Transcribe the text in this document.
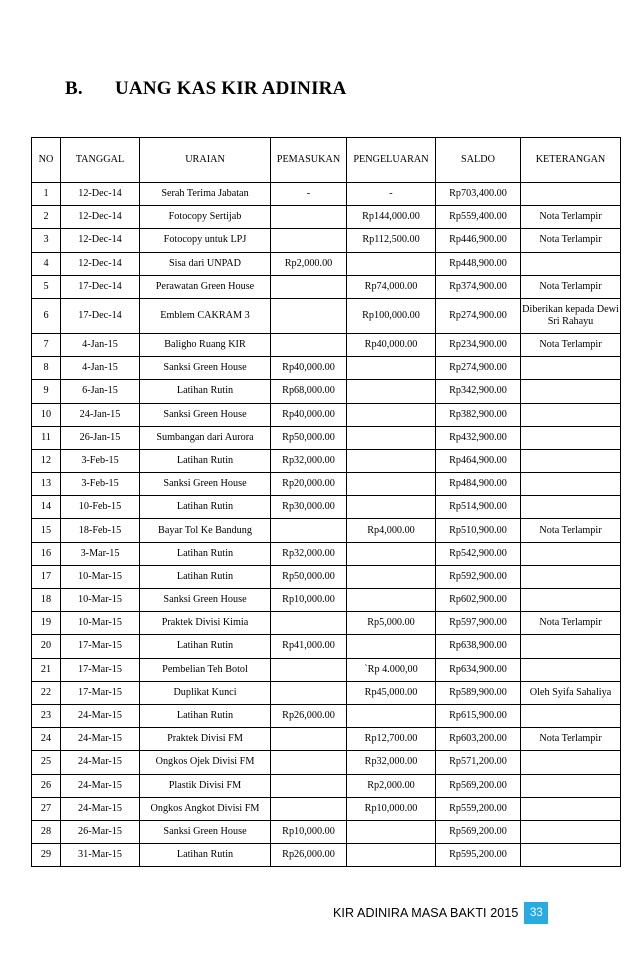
B.	UANG KAS KIR ADINIRA
NO	TANGGAL	URAIAN	PEMASUKAN	PENGELUARAN	SALDO	KETERANGAN
1	12-Dec-14	Serah Terima Jabatan	-	-	Rp703,400.00	
2	12-Dec-14	Fotocopy Sertijab		Rp144,000.00	Rp559,400.00	Nota Terlampir
3	12-Dec-14	Fotocopy untuk LPJ		Rp112,500.00	Rp446,900.00	Nota Terlampir
4	12-Dec-14	Sisa dari UNPAD	Rp2,000.00		Rp448,900.00	
5	17-Dec-14	Perawatan Green House		Rp74,000.00	Rp374,900.00	Nota Terlampir
6	17-Dec-14	Emblem CAKRAM 3		Rp100,000.00	Rp274,900.00	Diberikan kepada Dewi Sri Rahayu
7	4-Jan-15	Baligho Ruang KIR		Rp40,000.00	Rp234,900.00	Nota Terlampir
8	4-Jan-15	Sanksi Green House	Rp40,000.00		Rp274,900.00	
9	6-Jan-15	Latihan Rutin	Rp68,000.00		Rp342,900.00	
10	24-Jan-15	Sanksi Green House	Rp40,000.00		Rp382,900.00	
11	26-Jan-15	Sumbangan dari Aurora	Rp50,000.00		Rp432,900.00	
12	3-Feb-15	Latihan Rutin	Rp32,000.00		Rp464,900.00	
13	3-Feb-15	Sanksi Green House	Rp20,000.00		Rp484,900.00	
14	10-Feb-15	Latihan Rutin	Rp30,000.00		Rp514,900.00	
15	18-Feb-15	Bayar Tol Ke Bandung		Rp4,000.00	Rp510,900.00	Nota Terlampir
16	3-Mar-15	Latihan Rutin	Rp32,000.00		Rp542,900.00	
17	10-Mar-15	Latihan Rutin	Rp50,000.00		Rp592,900.00	
18	10-Mar-15	Sanksi Green House	Rp10,000.00		Rp602,900.00	
19	10-Mar-15	Praktek Divisi Kimia		Rp5,000.00	Rp597,900.00	Nota Terlampir
20	17-Mar-15	Latihan Rutin	Rp41,000.00		Rp638,900.00	
21	17-Mar-15	Pembelian Teh Botol		`Rp 4.000,00	Rp634,900.00	
22	17-Mar-15	Duplikat Kunci		Rp45,000.00	Rp589,900.00	Oleh Syifa Sahaliya
23	24-Mar-15	Latihan Rutin	Rp26,000.00		Rp615,900.00	
24	24-Mar-15	Praktek Divisi FM		Rp12,700.00	Rp603,200.00	Nota Terlampir
25	24-Mar-15	Ongkos Ojek Divisi FM		Rp32,000.00	Rp571,200.00	
26	24-Mar-15	Plastik Divisi FM		Rp2,000.00	Rp569,200.00	
27	24-Mar-15	Ongkos Angkot Divisi FM		Rp10,000.00	Rp559,200.00	
28	26-Mar-15	Sanksi Green House	Rp10,000.00		Rp569,200.00	
29	31-Mar-15	Latihan Rutin	Rp26,000.00		Rp595,200.00	
KIR ADINIRA MASA BAKTI 2015	33
